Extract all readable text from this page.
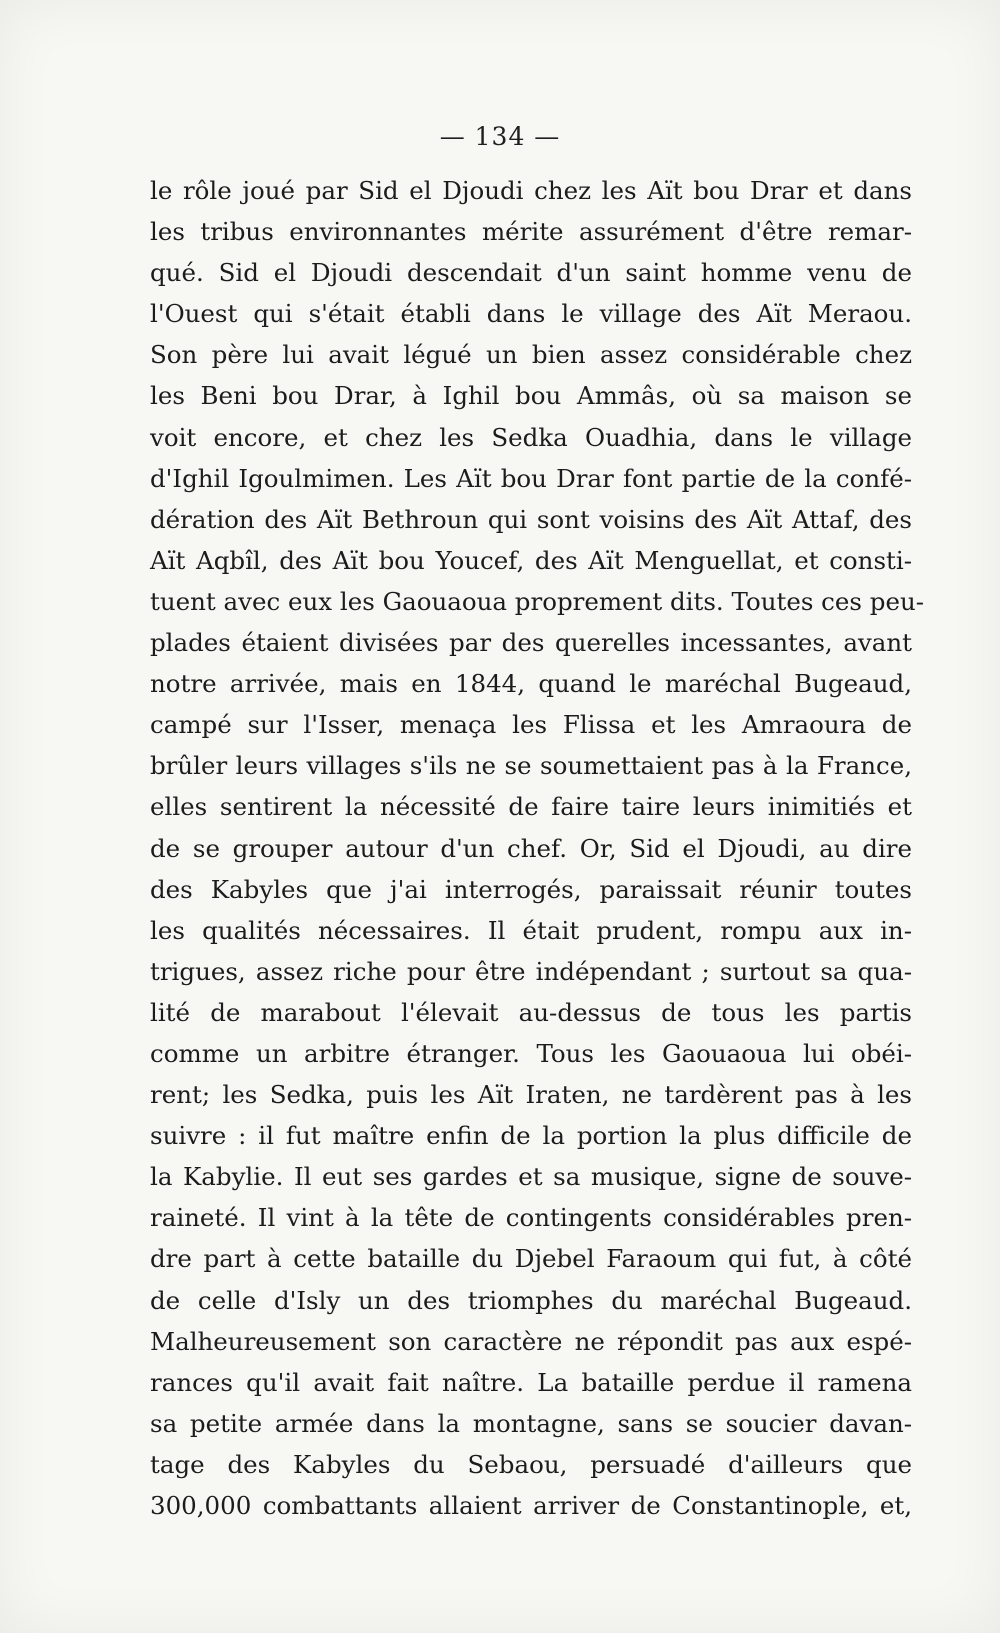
— 134 —
le rôle joué par Sid el Djoudi chez les Aït bou Drar et dans
les tribus environnantes mérite assurément d'être remar-
qué. Sid el Djoudi descendait d'un saint homme venu de
l'Ouest qui s'était établi dans le village des Aït Meraou.
Son père lui avait légué un bien assez considérable chez
les Beni bou Drar, à Ighil bou Ammâs, où sa maison se
voit encore, et chez les Sedka Ouadhia, dans le village
d'Ighil Igoulmimen. Les Aït bou Drar font partie de la confé-
dération des Aït Bethroun qui sont voisins des Aït Attaf, des
Aït Aqbîl, des Aït bou Youcef, des Aït Menguellat, et consti-
tuent avec eux les Gaouaoua proprement dits. Toutes ces peu-
plades étaient divisées par des querelles incessantes, avant
notre arrivée, mais en 1844, quand le maréchal Bugeaud,
campé sur l'Isser, menaça les Flissa et les Amraoura de
brûler leurs villages s'ils ne se soumettaient pas à la France,
elles sentirent la nécessité de faire taire leurs inimitiés et
de se grouper autour d'un chef. Or, Sid el Djoudi, au dire
des Kabyles que j'ai interrogés, paraissait réunir toutes
les qualités nécessaires. Il était prudent, rompu aux in-
trigues, assez riche pour être indépendant ; surtout sa qua-
lité de marabout l'élevait au-dessus de tous les partis
comme un arbitre étranger. Tous les Gaouaoua lui obéi-
rent; les Sedka, puis les Aït Iraten, ne tardèrent pas à les
suivre : il fut maître enfin de la portion la plus difficile de
la Kabylie. Il eut ses gardes et sa musique, signe de souve-
raineté. Il vint à la tête de contingents considérables pren-
dre part à cette bataille du Djebel Faraoum qui fut, à côté
de celle d'Isly un des triomphes du maréchal Bugeaud.
Malheureusement son caractère ne répondit pas aux espé-
rances qu'il avait fait naître. La bataille perdue il ramena
sa petite armée dans la montagne, sans se soucier davan-
tage des Kabyles du Sebaou, persuadé d'ailleurs que
300,000 combattants allaient arriver de Constantinople, et,
